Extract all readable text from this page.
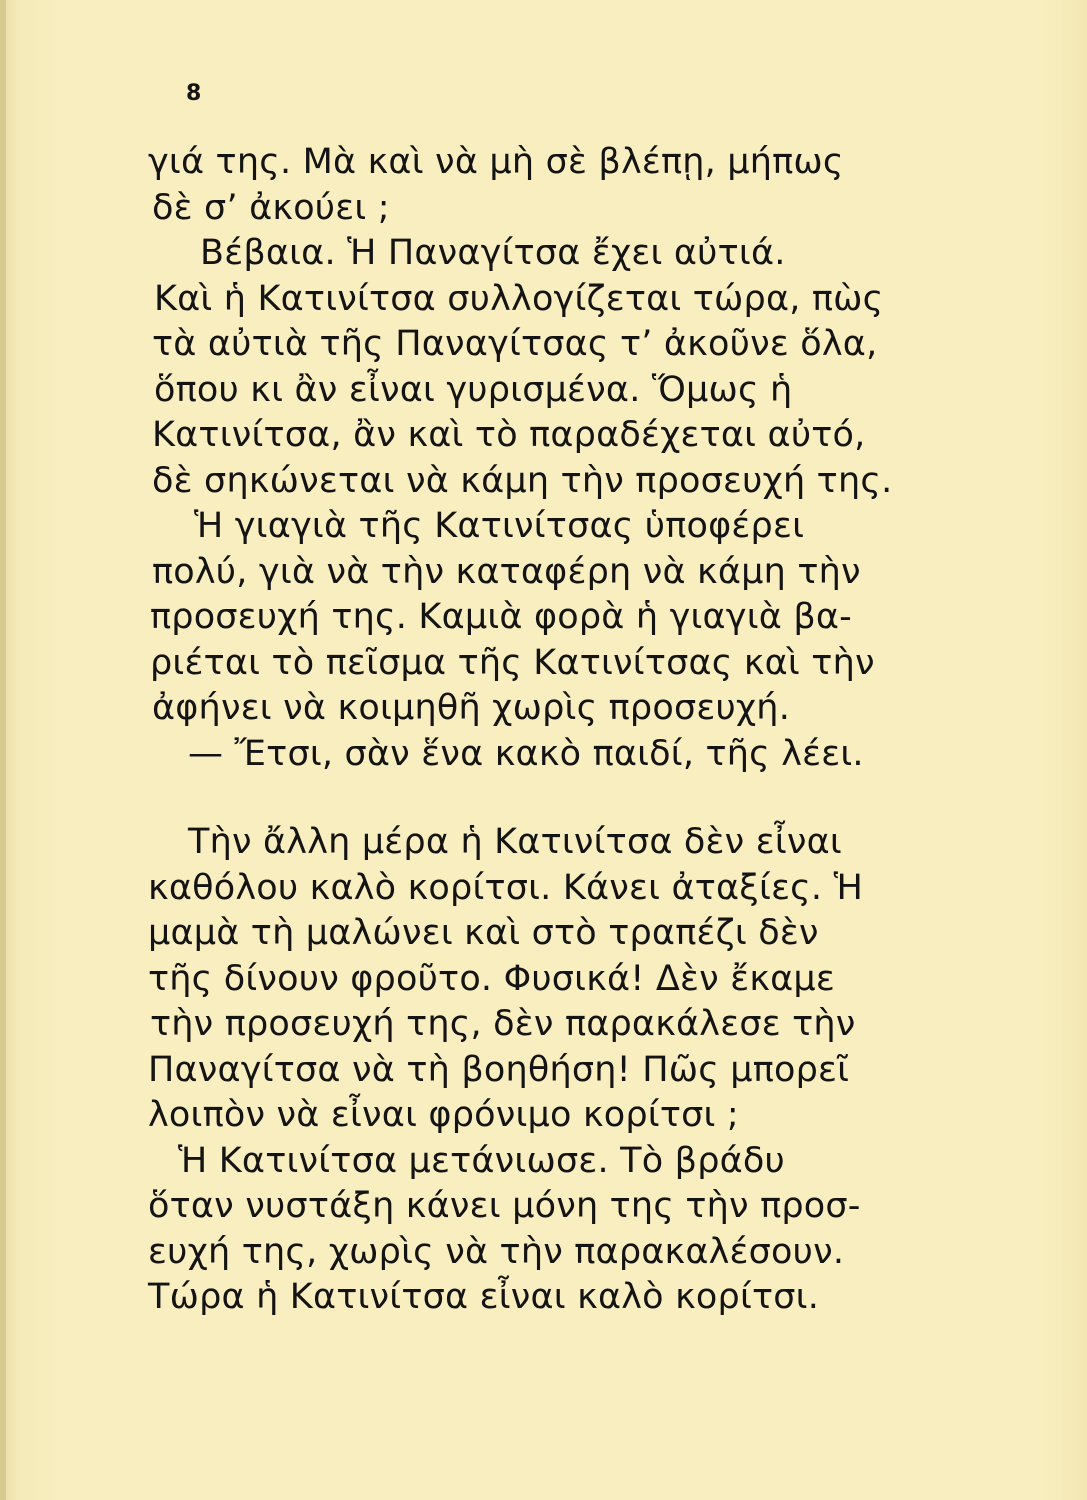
8
γιά της. Μὰ καὶ νὰ μὴ σὲ βλέπῃ, μήπως
δὲ σ’ ἀκούει ;
Βέβαια. Ἡ Παναγίτσα ἔχει αὐτιά.
Καὶ ἡ Κατινίτσα συλλογίζεται τώρα, πὼς
τὰ αὐτιὰ τῆς Παναγίτσας τ’ ἀκοῦνε ὅλα,
ὅπου κι ἂν εἶναι γυρισμένα. Ὅμως ἡ
Κατινίτσα, ἂν καὶ τὸ παραδέχεται αὐτό,
δὲ σηκώνεται νὰ κάμη τὴν προσευχή της.
Ἡ γιαγιὰ τῆς Κατινίτσας ὑποφέρει
πολύ, γιὰ νὰ τὴν καταφέρη νὰ κάμη τὴν
προσευχή της. Καμιὰ φορὰ ἡ γιαγιὰ βα-
ριέται τὸ πεῖσμα τῆς Κατινίτσας καὶ τὴν
ἀφήνει νὰ κοιμηθῆ χωρὶς προσευχή.
— Ἔτσι, σὰν ἕνα κακὸ παιδί, τῆς λέει.
Τὴν ἄλλη μέρα ἡ Κατινίτσα δὲν εἶναι
καθόλου καλὸ κορίτσι. Κάνει ἀταξίες. Ἡ
μαμὰ τὴ μαλώνει καὶ στὸ τραπέζι δὲν
τῆς δίνουν φροῦτο. Φυσικά! Δὲν ἔκαμε
τὴν προσευχή της, δὲν παρακάλεσε τὴν
Παναγίτσα νὰ τὴ βοηθήση! Πῶς μπορεῖ
λοιπὸν νὰ εἶναι φρόνιμο κορίτσι ;
Ἡ Κατινίτσα μετάνιωσε. Τὸ βράδυ
ὅταν νυστάξη κάνει μόνη της τὴν προσ-
ευχή της, χωρὶς νὰ τὴν παρακαλέσουν.
Τώρα ἡ Κατινίτσα εἶναι καλὸ κορίτσι.
